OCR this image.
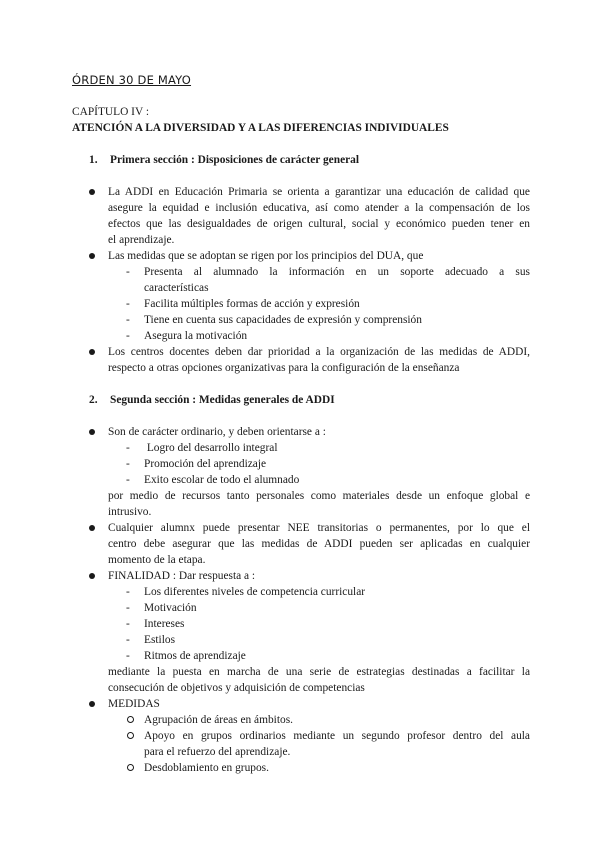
ÓRDEN 30 DE MAYO
CAPÍTULO IV :
ATENCIÓN A LA DIVERSIDAD Y A LAS DIFERENCIAS INDIVIDUALES
1. Primera sección : Disposiciones de carácter general
La ADDI en Educación Primaria se orienta a garantizar una educación de calidad que
asegure la equidad e inclusión educativa, así como atender a la compensación de los
efectos que las desigualdades de origen cultural, social y económico pueden tener en
el aprendizaje.
Las medidas que se adoptan se rigen por los principios del DUA, que
- Presenta al alumnado la información en un soporte adecuado a sus
características
- Facilita múltiples formas de acción y expresión
- Tiene en cuenta sus capacidades de expresión y comprensión
- Asegura la motivación
Los centros docentes deben dar prioridad a la organización de las medidas de ADDI,
respecto a otras opciones organizativas para la configuración de la enseñanza
2. Segunda sección : Medidas generales de ADDI
Son de carácter ordinario, y deben orientarse a :
- Logro del desarrollo integral
- Promoción del aprendizaje
- Exito escolar de todo el alumnado
por medio de recursos tanto personales como materiales desde un enfoque global e
intrusivo.
Cualquier alumnx puede presentar NEE transitorias o permanentes, por lo que el
centro debe asegurar que las medidas de ADDI pueden ser aplicadas en cualquier
momento de la etapa.
FINALIDAD : Dar respuesta a :
- Los diferentes niveles de competencia curricular
- Motivación
- Intereses
- Estilos
- Ritmos de aprendizaje
mediante la puesta en marcha de una serie de estrategias destinadas a facilitar la
consecución de objetivos y adquisición de competencias
MEDIDAS
Agrupación de áreas en ámbitos.
Apoyo en grupos ordinarios mediante un segundo profesor dentro del aula
para el refuerzo del aprendizaje.
Desdoblamiento en grupos.
